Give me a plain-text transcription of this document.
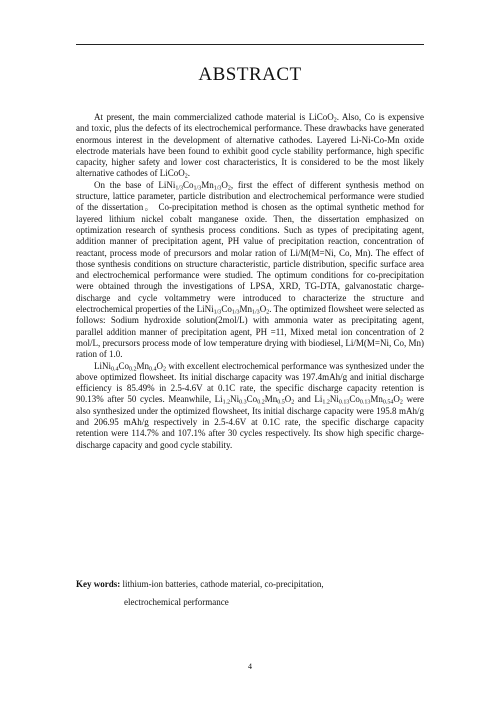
ABSTRACT

At present, the main commercialized cathode material is LiCoO$_2$. Also, Co is expensive and toxic, plus the defects of its electrochemical performance. These drawbacks have generated enormous interest in the development of alternative cathodes. Layered Li-Ni-Co-Mn oxide electrode materials have been found to exhibit good cycle stability performance, high specific capacity, higher safety and lower cost characteristics, It is considered to be the most likely alternative cathodes of LiCoO$_2$.

On the base of $LiNi_{1/3}Co_{1/3}Mn_{1/3}O_2$, first the effect of different synthesis method on structure, lattice parameter, particle distribution and electrochemical performance were studied of the dissertation。 Co-precipitation method is chosen as the optimal synthetic method for layered lithium nickel cobalt manganese oxide. Then, the dissertation emphasized on optimization research of synthesis process conditions. Such as types of precipitating agent, addition manner of precipitation agent, PH value of precipitation reaction, concentration of reactant, process mode of precursors and molar ration of Li/M(M=Ni, Co, Mn). The effect of those synthesis conditions on structure characteristic, particle distribution, specific surface area and electrochemical performance were studied. The optimum conditions for co-precipitation were obtained through the investigations of LPSA, XRD, TG-DTA, galvanostatic charge-discharge and cycle voltammetry were introduced to characterize the structure and electrochemical properties of the $LiNi_{1/3}Co_{1/3}Mn_{1/3}O_2$. The optimized flowsheet were selected as follows: Sodium hydroxide solution(2mol/L) with ammonia water as precipitating agent, parallel addition manner of precipitation agent, PH =11, Mixed metal ion concentration of 2 mol/L, precursors process mode of low temperature drying with biodiesel, Li/M(M=Ni, Co, Mn) ration of 1.0.

$LiNi_{0.4}Co_{0.2}Mn_{0.4}O_2$ with excellent electrochemical performance was synthesized under the above optimized flowsheet. Its initial discharge capacity was 197.4mAh/g and initial discharge efficiency is 85.49% in 2.5-4.6V at 0.1C rate, the specific discharge capacity retention is 90.13% after 50 cycles. Meanwhile, $Li_{1.2}Ni_{0.3}Co_{0.2}Mn_{0.5}O_2$ and $Li_{1.2}Ni_{0.13}Co_{0.13}Mn_{0.54}O_2$ were also synthesized under the optimized flowsheet, Its initial discharge capacity were 195.8 mAh/g and 206.95 mAh/g respectively in 2.5-4.6V at 0.1C rate, the specific discharge capacity retention were 114.7% and 107.1% after 30 cycles respectively. Its show high specific charge-discharge capacity and good cycle stability.

Key words: lithium-ion batteries, cathode material, co-precipitation,
electrochemical performance
4
